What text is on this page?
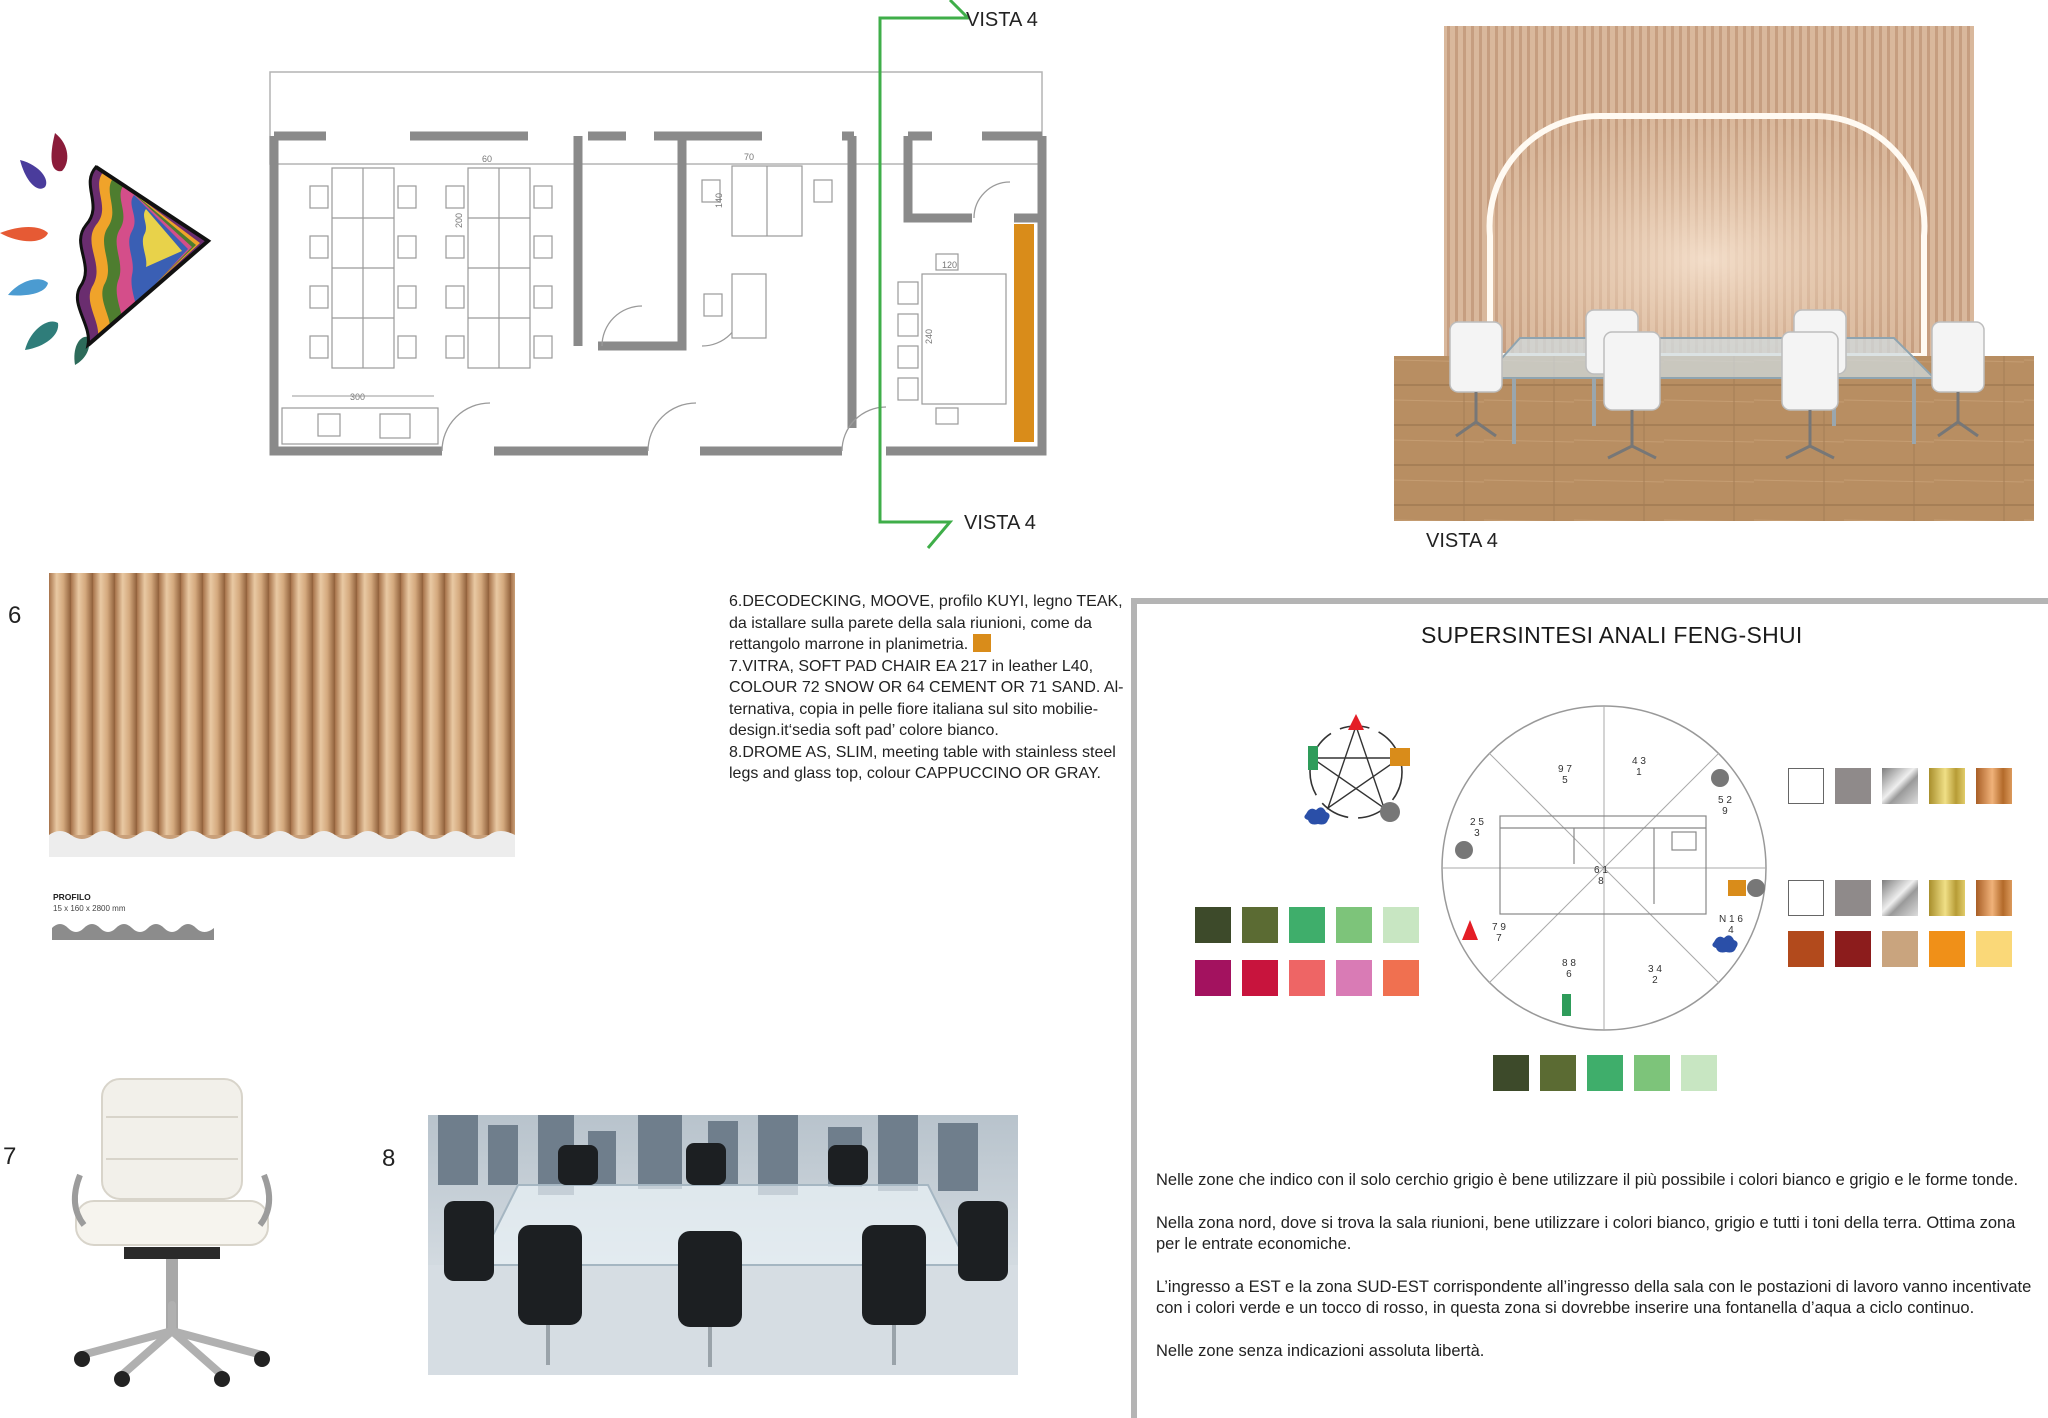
60	70
120
300
140
200
240
VISTA 4
VISTA 4
VISTA 4
6
PROFILO
15 x 160 x 2800 mm

6.DECODECKING, MOOVE, profilo KUYI, legno TEAK, da istallare sulla parete della sala riunioni, come da rettangolo marrone in planimetria.

7.VITRA, SOFT PAD CHAIR EA 217 in leather L40, COLOUR 72 SNOW OR 64 CEMENT OR 71 SAND. Al-ternativa, copia in pelle fiore italiana sul sito mobilie-design.it‘sedia soft pad’ colore bianco.

8.DROME AS, SLIM, meeting table with stainless steel legs and glass top, colour CAPPUCCINO OR GRAY.

7	8
SUPERSINTESI ANALI FENG-SHUI
9 7
5
4 3
1
5 2
9
2 5
3
6 1
8
7 9
7
N 1 6
4
8 8
6	3 4
2

Nelle zone che indico con il solo cerchio grigio è bene utilizzare il più possibile i colori bianco e grigio e le forme tonde.

Nella zona nord, dove si trova la sala riunioni, bene utilizzare i colori bianco, grigio e tutti i toni della terra. Ottima zona per le entrate economiche.

L’ingresso a EST e la zona SUD-EST corrispondente all’ingresso della sala con le postazioni di lavoro vanno incentivate con i colori verde e un tocco di rosso, in questa zona si dovrebbe inserire una fontanella d’aqua a ciclo continuo.

Nelle zone senza indicazioni assoluta libertà.
